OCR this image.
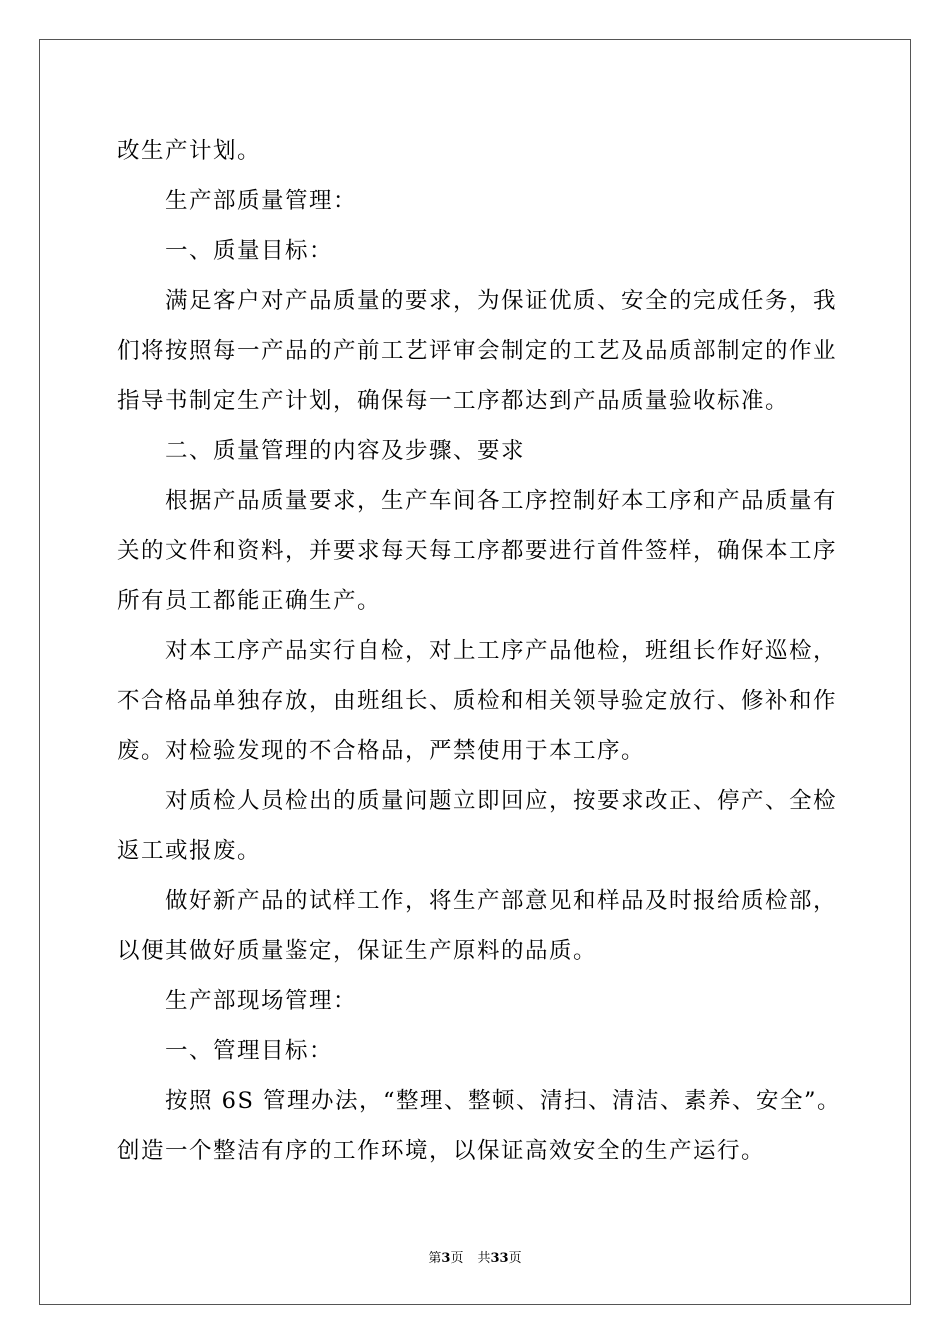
改生产计划。
生产部质量管理：
一、质量目标：
满足客户对产品质量的要求，为保证优质、安全的完成任务，我
们将按照每一产品的产前工艺评审会制定的工艺及品质部制定的作业
指导书制定生产计划，确保每一工序都达到产品质量验收标准。
二、质量管理的内容及步骤、要求
根据产品质量要求，生产车间各工序控制好本工序和产品质量有
关的文件和资料，并要求每天每工序都要进行首件签样，确保本工序
所有员工都能正确生产。
对本工序产品实行自检，对上工序产品他检，班组长作好巡检，
不合格品单独存放，由班组长、质检和相关领导验定放行、修补和作
废。对检验发现的不合格品，严禁使用于本工序。
对质检人员检出的质量问题立即回应，按要求改正、停产、全检
返工或报废。
做好新产品的试样工作，将生产部意见和样品及时报给质检部，
以便其做好质量鉴定，保证生产原料的品质。
生产部现场管理：
一、管理目标：
按照 6S 管理办法，“整理、整顿、清扫、清洁、素养、安全”。
创造一个整洁有序的工作环境，以保证高效安全的生产运行。
第3页 共33页
